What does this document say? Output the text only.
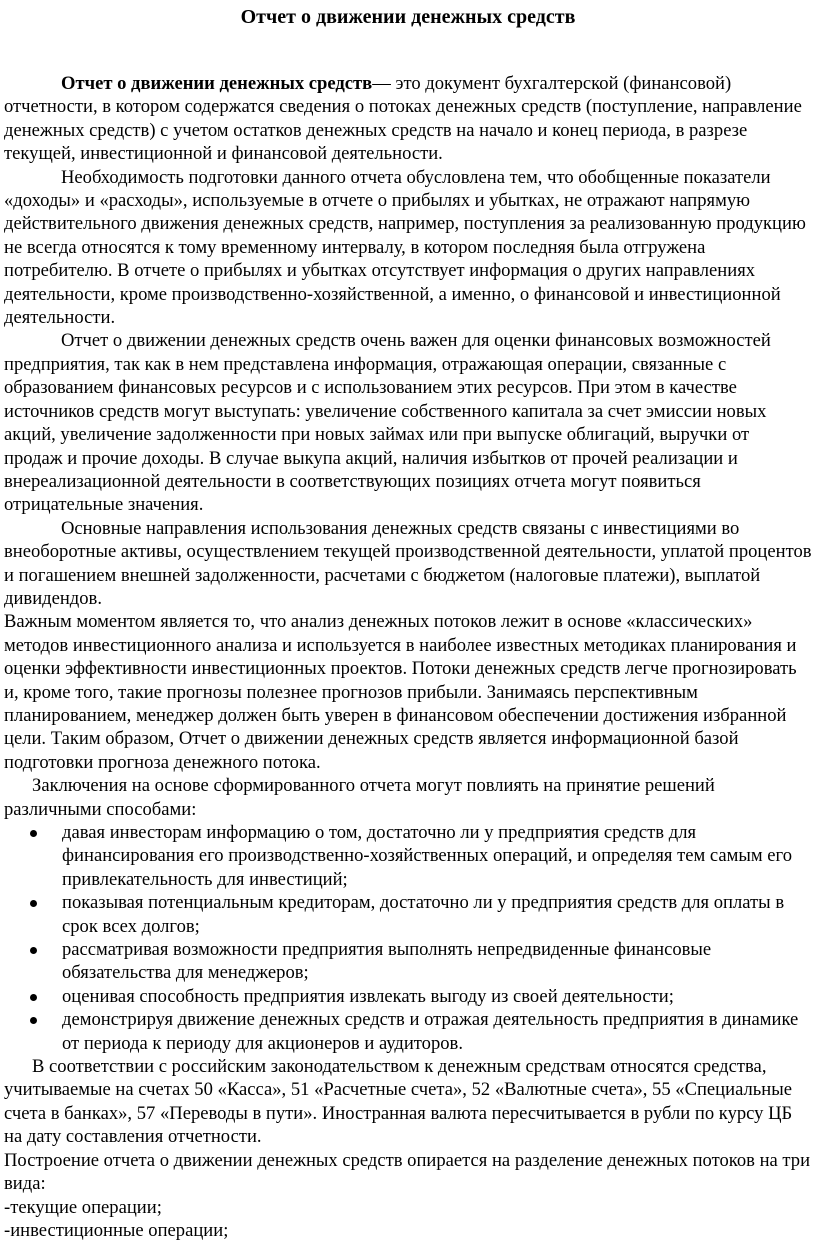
Отчет о движении денежных средств

Отчет о движении денежных средств— это документ бухгалтерской (финансовой) отчетности, в котором содержатся сведения о потоках денежных средств (поступление, направление денежных средств) с учетом остатков денежных средств на начало и конец периода, в разрезе текущей, инвестиционной и финансовой деятельности.

Необходимость подготовки данного отчета обусловлена тем, что обобщенные показатели «доходы» и «расходы», используемые в отчете о прибылях и убытках, не отражают напрямую действительного движения денежных средств, например, поступления за реализованную продукцию не всегда относятся к тому временному интервалу, в котором последняя была отгружена потребителю. В отчете о прибылях и убытках отсутствует информация о других направлениях деятельности, кроме производственно-хозяйственной, а именно, о финансовой и инвестиционной деятельности.

Отчет о движении денежных средств очень важен для оценки финансовых возможностей предприятия, так как в нем представлена информация, отражающая операции, связанные с образованием финансовых ресурсов и с использованием этих ресурсов. При этом в качестве источников средств могут выступать: увеличение собственного капитала за счет эмиссии новых акций, увеличение задолженности при новых займах или при выпуске облигаций, выручки от продаж и прочие доходы. В случае выкупа акций, наличия избытков от прочей реализации и внереализационной деятельности в соответствующих позициях отчета могут появиться отрицательные значения.

Основные направления использования денежных средств связаны с инвестициями во внеоборотные активы, осуществлением текущей производственной деятельности, уплатой процентов и погашением внешней задолженности, расчетами с бюджетом (налоговые платежи), выплатой дивидендов.

Важным моментом является то, что анализ денежных потоков лежит в основе «классических» методов инвестиционного анализа и используется в наиболее известных методиках планирования и оценки эффективности инвестиционных проектов. Потоки денежных средств легче прогнозировать и, кроме того, такие прогнозы полезнее прогнозов прибыли. Занимаясь перспективным планированием, менеджер должен быть уверен в финансовом обеспечении достижения избранной цели. Таким образом, Отчет о движении денежных средств является информационной базой подготовки прогноза денежного потока.

Заключения на основе сформированного отчета могут повлиять на принятие решений различными способами:

давая инвесторам информацию о том, достаточно ли у предприятия средств для финансирования его производственно-хозяйственных операций, и определяя тем самым его привлекательность для инвестиций;
показывая потенциальным кредиторам, достаточно ли у предприятия средств для оплаты в срок всех долгов;
рассматривая возможности предприятия выполнять непредвиденные финансовые обязательства для менеджеров;
оценивая способность предприятия извлекать выгоду из своей деятельности;
демонстрируя движение денежных средств и отражая деятельность предприятия в динамике от периода к периоду для акционеров и аудиторов.

В соответствии с российским законодательством к денежным средствам относятся средства, учитываемые на счетах 50 «Касса», 51 «Расчетные счета», 52 «Валютные счета», 55 «Специальные счета в банках», 57 «Переводы в пути». Иностранная валюта пересчитывается в рубли по курсу ЦБ на дату составления отчетности.

Построение отчета о движении денежных средств опирается на разделение денежных потоков на три вида:

-текущие операции;

-инвестиционные операции;
